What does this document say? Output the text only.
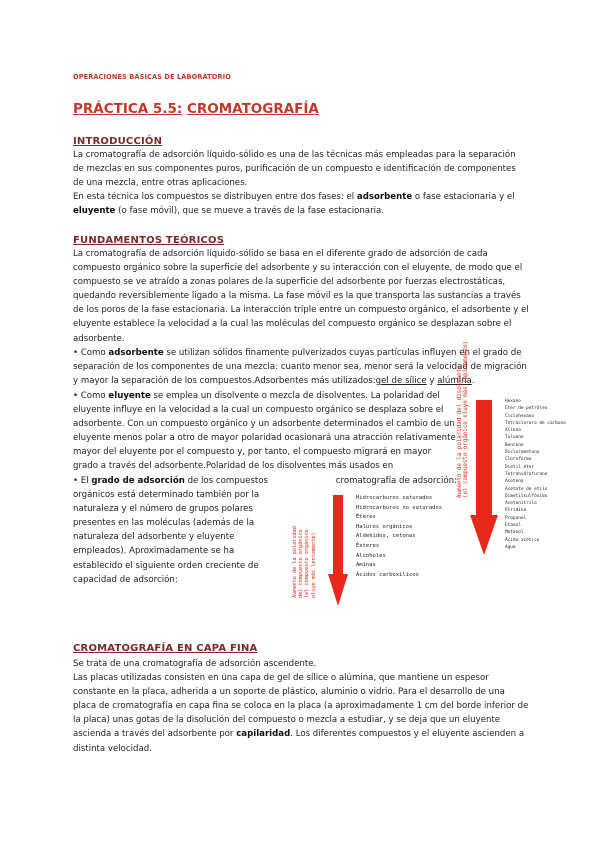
OPERACIONES BÁSICAS DE LABORATORIO
PRÁCTICA 5.5: CROMATOGRAFÍA
INTRODUCCIÓN

La cromatografía de adsorción líquido-sólido es una de las técnicas más empleadas para la separación de mezclas en sus componentes puros, purificación de un compuesto e identificación de componentes de una mezcla, entre otras aplicaciones.

En esta técnica los compuestos se distribuyen entre dos fases: el adsorbente o fase estacionaria y el eluyente (o fase móvil), que se mueve a través de la fase estacionaria.

FUNDAMENTOS TEÓRICOS

La cromatografía de adsorción líquido-sólido se basa en el diferente grado de adsorción de cada compuesto orgánico sobre la superficie del adsorbente y su interacción con el eluyente, de modo que el compuesto se ve atraído a zonas polares de la superficie del adsorbente por fuerzas electrostáticas, quedando reversiblemente ligado a la misma. La fase móvil es la que transporta las sustancias a través de los poros de la fase estacionaria. La interacción triple entre un compuesto orgánico, el adsorbente y el eluyente establece la velocidad a la cual las moléculas del compuesto orgánico se desplazan sobre el adsorbente.

• Como adsorbente se utilizan sólidos finamente pulverizados cuyas partículas influyen en el grado de separación de los componentes de una mezcla: cuanto menor sea, menor será la velocidad de migración y mayor la separación de los compuestos.Adsorbentes más utilizados:gel de sílice y alúmina.

• Como eluyente se emplea un disolvente o mezcla de disolventes. La polaridad del eluyente influye en la velocidad a la cual un compuesto orgánico se desplaza sobre el adsorbente. Con un compuesto orgánico y un adsorbente determinados el cambio de un eluyente menos polar a otro de mayor polaridad ocasionará una atracción relativamente mayor del eluyente por el compuesto y, por tanto, el compuesto migrará en mayor grado a través del adsorbente.Polaridad de los disolventes más usados en

cromatografía de adsorción: Aumento de la polaridad del disolvente (el compuesto orgánico eluye más rápidamente)	Hexano
Eter de petróleo
Ciclohexano
Tetracloruro de carbono
Xileno
Tolueno
Benceno
Diclorometano
Cloroformo
Dietil éter
Tetrahidrofurano
Acetona
Acetato de etilo
Dimetilsulfóxido
Acetonitrilo
Piridina
Propanol
Etanol
Metanol
Ácido acético
Agua

• El grado de adsorción de los compuestos orgánicos está determinado también por la naturaleza y el número de grupos polares presentes en las moléculas (además de la naturaleza del adsorbente y eluyente empleados). Aproximadamente se ha establecido el siguiente orden creciente de capacidad de adsorción:	Aumento de la polaridad del compuesto orgánico (el compuesto orgánico eluye más lentamente)
Hidrocarburos saturados
Hidrocarburos no saturados
Éteres
Haluros orgánicos
Aldehídos, cetonas
Ésteres
Alcoholes
Aminas
Ácidos carboxílicos
CROMATOGRAFÍA EN CAPA FINA

Se trata de una cromatografía de adsorción ascendente.

Las placas utilizadas consisten en una capa de gel de sílice o alúmina, que mantiene un espesor constante en la placa, adherida a un soporte de plástico, aluminio o vidrio. Para el desarrollo de una placa de cromatografía en capa fina se coloca en la placa (a aproximadamente 1 cm del borde inferior de la placa) unas gotas de la disolución del compuesto o mezcla a estudiar, y se deja que un eluyente ascienda a través del adsorbente por capilaridad. Los diferentes compuestos y el eluyente ascienden a distinta velocidad.
